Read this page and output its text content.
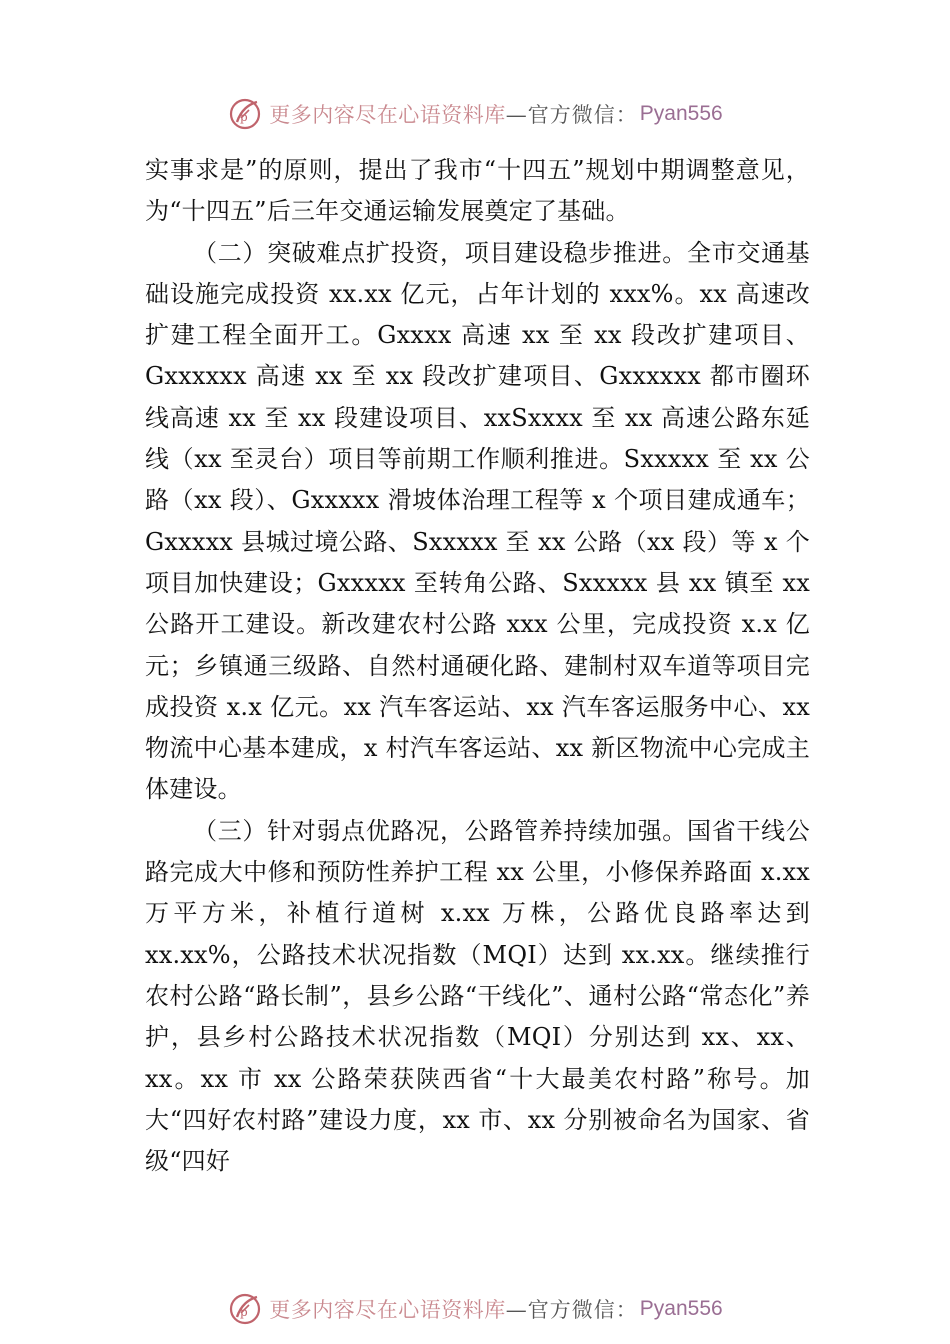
p 更多内容尽在心语资料库 —官方微信： Pyan556

实事求是”的原则，提出了我市“十四五”规划中期调整意见，为“十四五”后三年交通运输发展奠定了基础。

（二）突破难点扩投资，项目建设稳步推进。全市交通基础设施完成投资 xx.xx 亿元，占年计划的 xxx%。xx 高速改扩建工程全面开工。Gxxxx 高速 xx 至 xx 段改扩建项目、Gxxxxxx 高速 xx 至 xx 段改扩建项目、Gxxxxxx 都市圈环线高速 xx 至 xx 段建设项目、xxSxxxx 至 xx 高速公路东延线（xx 至灵台）项目等前期工作顺利推进。Sxxxxx 至 xx 公路（xx 段）、Gxxxxx 滑坡体治理工程等 x 个项目建成通车；Gxxxxx 县城过境公路、Sxxxxx 至 xx 公路（xx 段）等 x 个项目加快建设；Gxxxxx 至转角公路、Sxxxxx 县 xx 镇至 xx 公路开工建设。新改建农村公路 xxx 公里，完成投资 x.x 亿元；乡镇通三级路、自然村通硬化路、建制村双车道等项目完成投资 x.x 亿元。xx 汽车客运站、xx 汽车客运服务中心、xx 物流中心基本建成，x 村汽车客运站、xx 新区物流中心完成主体建设。

（三）针对弱点优路况，公路管养持续加强。国省干线公路完成大中修和预防性养护工程 xx 公里，小修保养路面 x.xx 万平方米，补植行道树 x.xx 万株，公路优良路率达到 xx.xx%，公路技术状况指数（MQI）达到 xx.xx。继续推行农村公路“路长制”，县乡公路“干线化”、通村公路“常态化”养护，县乡村公路技术状况指数（MQI）分别达到 xx、xx、xx。xx 市 xx 公路荣获陕西省“十大最美农村路”称号。加大“四好农村路”建设力度，xx 市、xx 分别被命名为国家、省级“四好

p 更多内容尽在心语资料库 —官方微信： Pyan556
